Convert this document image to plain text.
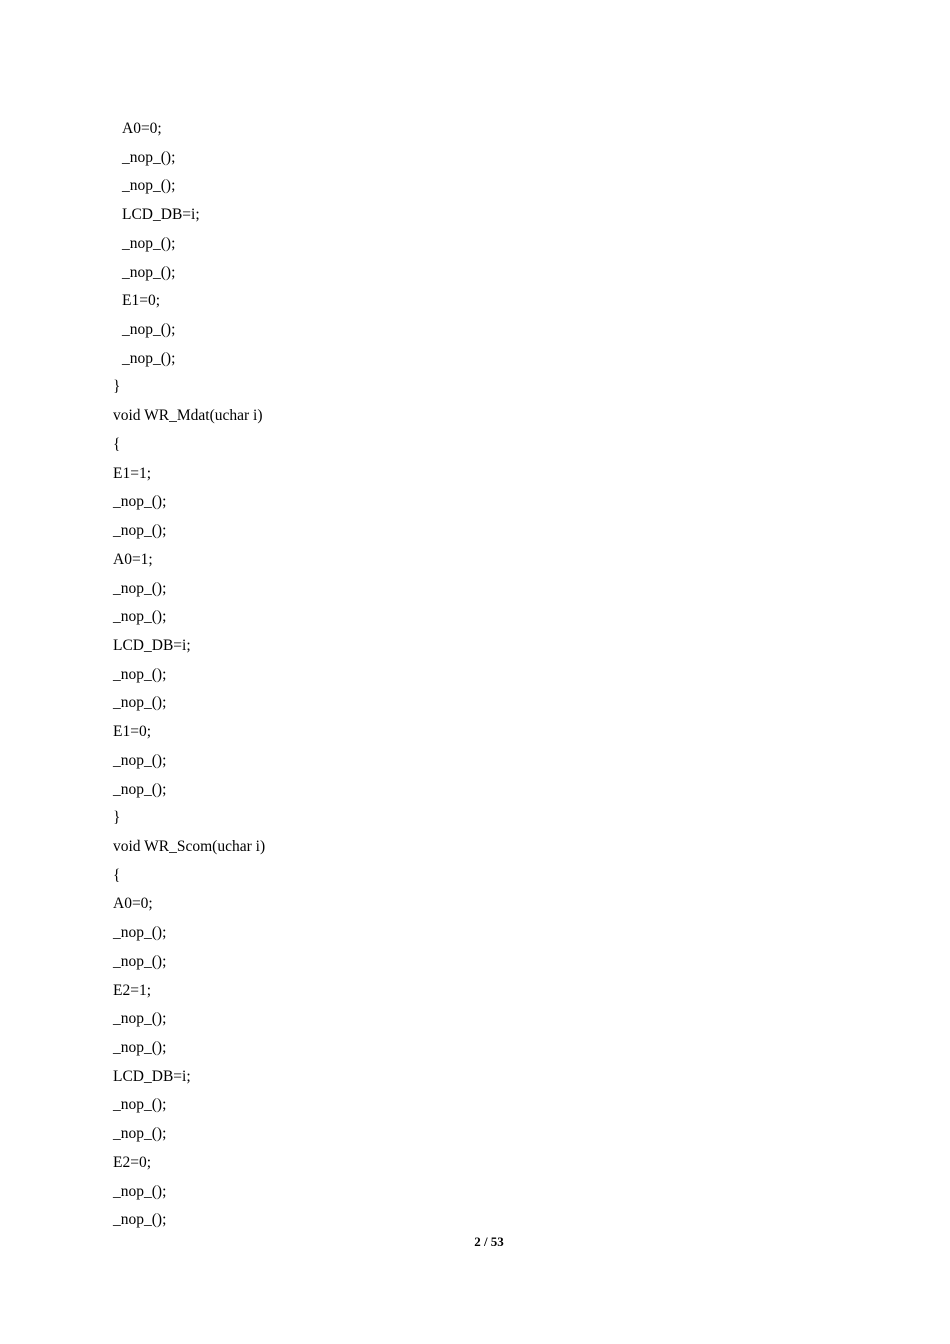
A0=0;
_nop_();
_nop_();
LCD_DB=i;
_nop_();
_nop_();
E1=0;
_nop_();
_nop_();
}
void WR_Mdat(uchar i)
{
E1=1;
_nop_();
_nop_();
A0=1;
_nop_();
_nop_();
LCD_DB=i;
_nop_();
_nop_();
E1=0;
_nop_();
_nop_();
}
void WR_Scom(uchar i)
{
A0=0;
_nop_();
_nop_();
E2=1;
_nop_();
_nop_();
LCD_DB=i;
_nop_();
_nop_();
E2=0;
_nop_();
_nop_();
2 / 53
